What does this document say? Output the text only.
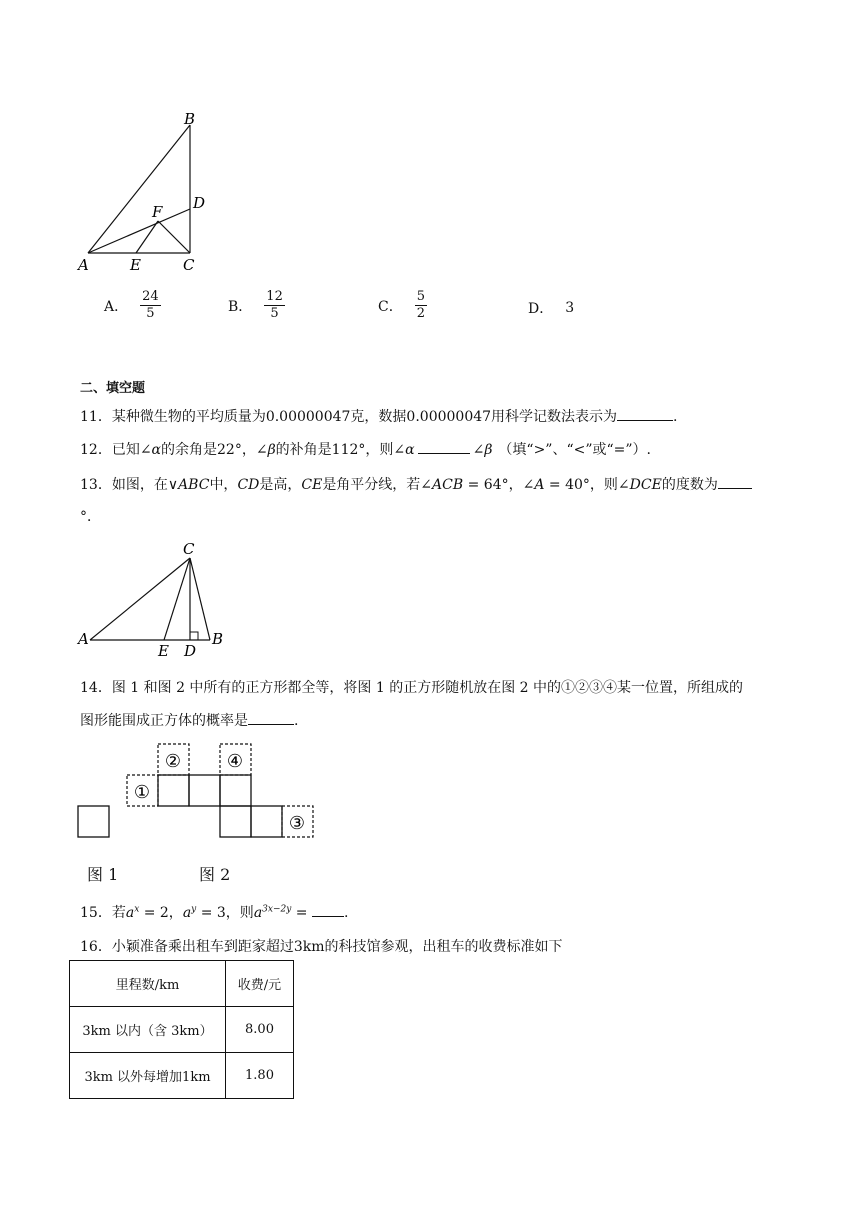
B
D
F
A	E	C
A． $\frac{24}{5}$	B． $\frac{12}{5}$	C． $\frac{5}{2}$	D． 3
二、填空题
11．某种微生物的平均质量为0.00000047克，数据0.00000047用科学记数法表示为	.
12．已知∠α的余角是22°，∠β的补角是112°，则∠α	∠β （填“>”、“<”或“=”）.
13．如图，在∨ABC中，CD是高，CE是角平分线，若∠ACB = 64°，∠A = 40°，则∠DCE的度数为
°．
C
A
E D
B
14．图 1 和图 2 中所有的正方形都全等，将图 1 的正方形随机放在图 2 中的①②③④某一位置，所组成的
图形能围成正方体的概率是	.
①
②	④
③
图 1	图 2
15．若$a^x = 2$，$a^y = 3$，则$a^{3x-2y}$ = .
16．小颖准备乘出租车到距家超过3km的科技馆参观，出租车的收费标准如下
里程数/km	收费/元
3km 以内（含 3km）	8.00
3km 以外每增加1km	1.80
